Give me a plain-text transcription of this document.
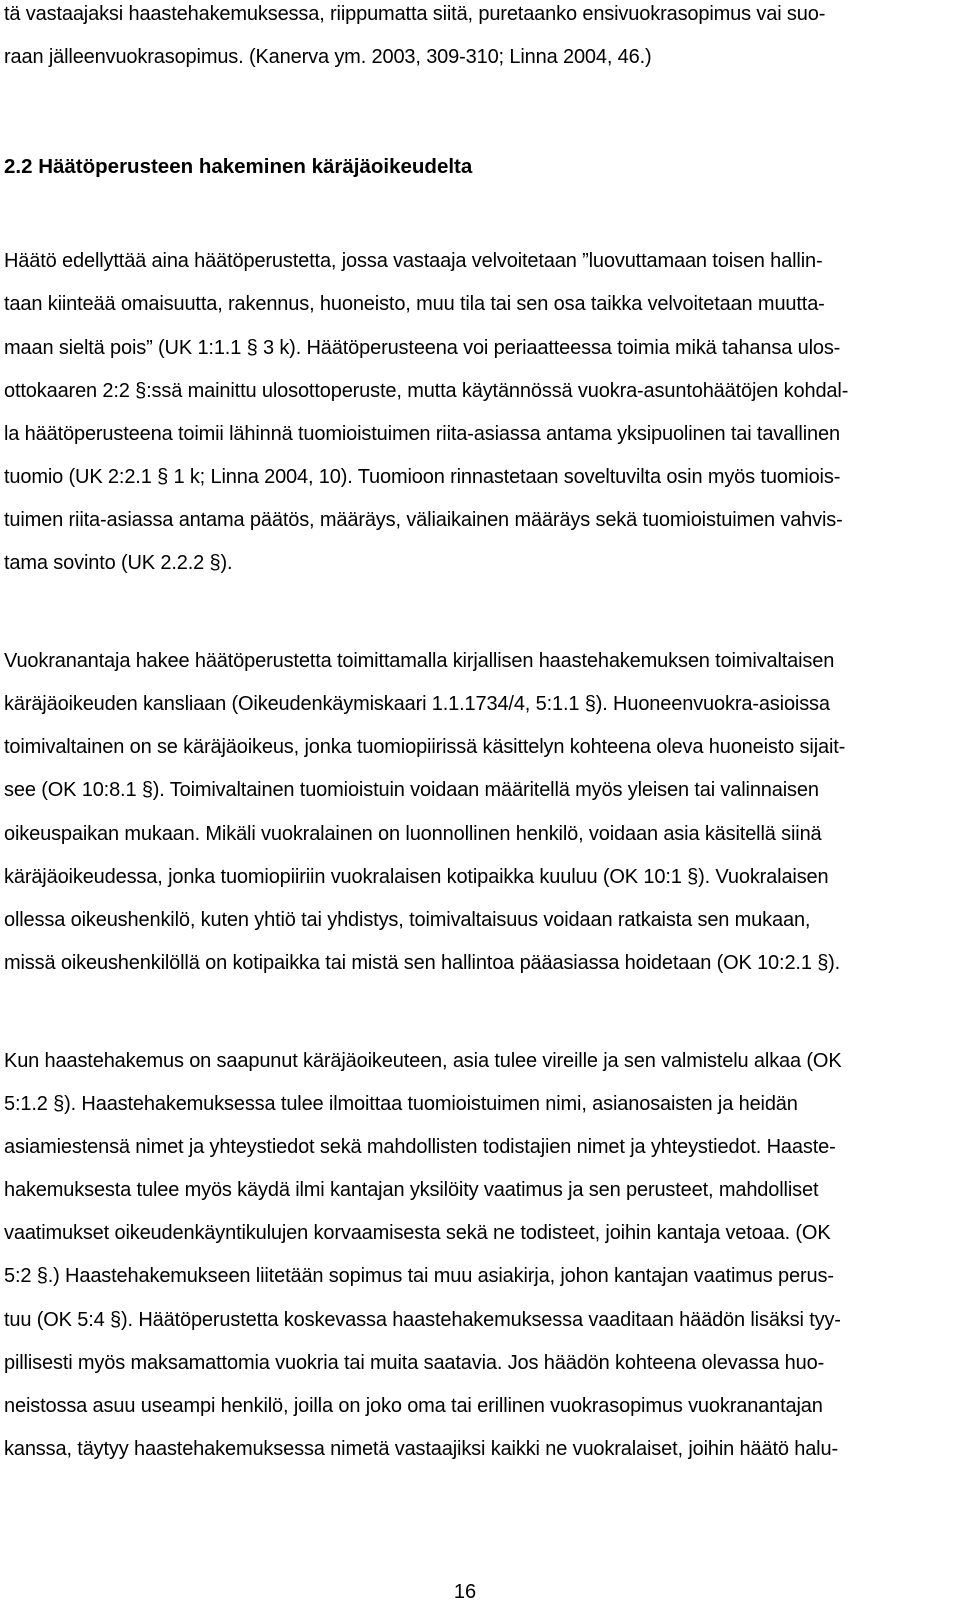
tä vastaajaksi haastehakemuksessa, riippumatta siitä, puretaanko ensivuokrasopimus vai suo-
raan jälleenvuokrasopimus. (Kanerva ym. 2003, 309-310; Linna 2004, 46.)
2.2 Häätöperusteen hakeminen käräjäoikeudelta
Häätö edellyttää aina häätöperustetta, jossa vastaaja velvoitetaan ”luovuttamaan toisen hallin-
taan kiinteää omaisuutta, rakennus, huoneisto, muu tila tai sen osa taikka velvoitetaan muutta-
maan sieltä pois” (UK 1:1.1 § 3 k). Häätöperusteena voi periaatteessa toimia mikä tahansa ulos-
ottokaaren 2:2 §:ssä mainittu ulosottoperuste, mutta käytännössä vuokra-asuntohäätöjen kohdal-
la häätöperusteena toimii lähinnä tuomioistuimen riita-asiassa antama yksipuolinen tai tavallinen
tuomio (UK 2:2.1 § 1 k; Linna 2004, 10). Tuomioon rinnastetaan soveltuvilta osin myös tuomiois-
tuimen riita-asiassa antama päätös, määräys, väliaikainen määräys sekä tuomioistuimen vahvis-
tama sovinto (UK 2.2.2 §).
Vuokranantaja hakee häätöperustetta toimittamalla kirjallisen haastehakemuksen toimivaltaisen
käräjäoikeuden kansliaan (Oikeudenkäymiskaari 1.1.1734/4, 5:1.1 §). Huoneenvuokra-asioissa
toimivaltainen on se käräjäoikeus, jonka tuomiopiirissä käsittelyn kohteena oleva huoneisto sijait-
see (OK 10:8.1 §). Toimivaltainen tuomioistuin voidaan määritellä myös yleisen tai valinnaisen
oikeuspaikan mukaan. Mikäli vuokralainen on luonnollinen henkilö, voidaan asia käsitellä siinä
käräjäoikeudessa, jonka tuomiopiiriin vuokralaisen kotipaikka kuuluu (OK 10:1 §). Vuokralaisen
ollessa oikeushenkilö, kuten yhtiö tai yhdistys, toimivaltaisuus voidaan ratkaista sen mukaan,
missä oikeushenkilöllä on kotipaikka tai mistä sen hallintoa pääasiassa hoidetaan (OK 10:2.1 §).
Kun haastehakemus on saapunut käräjäoikeuteen, asia tulee vireille ja sen valmistelu alkaa (OK
5:1.2 §). Haastehakemuksessa tulee ilmoittaa tuomioistuimen nimi, asianosaisten ja heidän
asiamiestensä nimet ja yhteystiedot sekä mahdollisten todistajien nimet ja yhteystiedot. Haaste-
hakemuksesta tulee myös käydä ilmi kantajan yksilöity vaatimus ja sen perusteet, mahdolliset
vaatimukset oikeudenkäyntikulujen korvaamisesta sekä ne todisteet, joihin kantaja vetoaa. (OK
5:2 §.) Haastehakemukseen liitetään sopimus tai muu asiakirja, johon kantajan vaatimus perus-
tuu (OK 5:4 §). Häätöperustetta koskevassa haastehakemuksessa vaaditaan häädön lisäksi tyy-
pillisesti myös maksamattomia vuokria tai muita saatavia. Jos häädön kohteena olevassa huo-
neistossa asuu useampi henkilö, joilla on joko oma tai erillinen vuokrasopimus vuokranantajan
kanssa, täytyy haastehakemuksessa nimetä vastaajiksi kaikki ne vuokralaiset, joihin häätö halu-
16
